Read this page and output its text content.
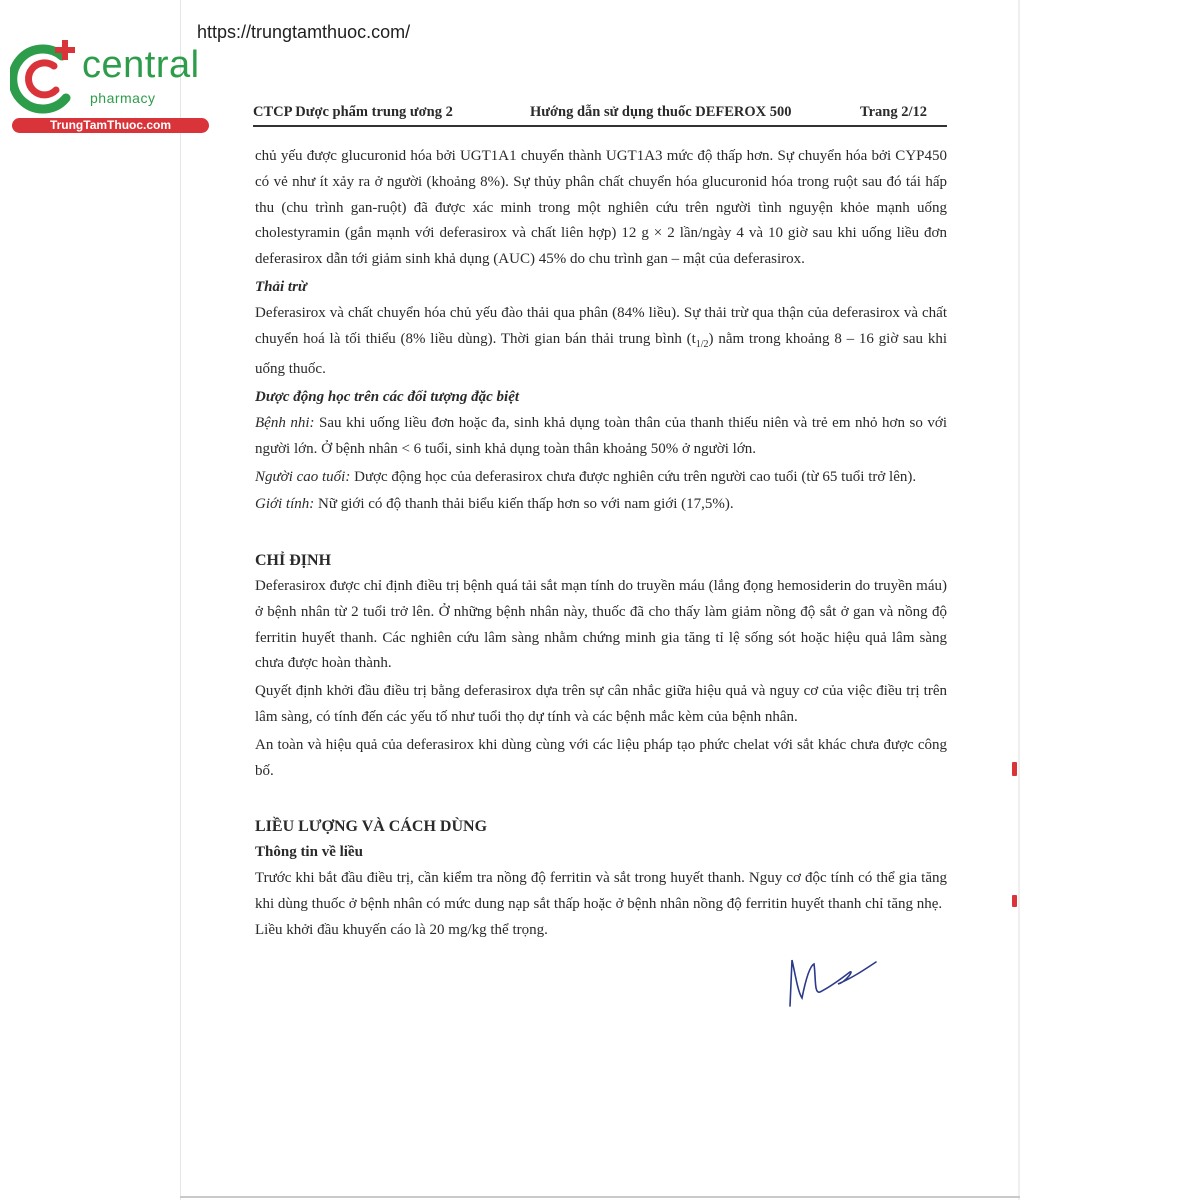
https://trungtamthuoc.com/
central
pharmacy
TrungTamThuoc.com
CTCP Dược phẩm trung ương 2	Hướng dẫn sử dụng thuốc DEFEROX 500	Trang 2/12

chủ yếu được glucuronid hóa bởi UGT1A1 chuyển thành UGT1A3 mức độ thấp hơn. Sự chuyển hóa bởi CYP450 có vẻ như ít xảy ra ở người (khoảng 8%). Sự thủy phân chất chuyển hóa glucuronid hóa trong ruột sau đó tái hấp thu (chu trình gan-ruột) đã được xác minh trong một nghiên cứu trên người tình nguyện khỏe mạnh uống cholestyramin (gắn mạnh với deferasirox và chất liên hợp) 12 g × 2 lần/ngày 4 và 10 giờ sau khi uống liều đơn deferasirox dẫn tới giảm sinh khả dụng (AUC) 45% do chu trình gan – mật của deferasirox.

Thải trừ

Deferasirox và chất chuyển hóa chủ yếu đào thải qua phân (84% liều). Sự thải trừ qua thận của deferasirox và chất chuyển hoá là tối thiểu (8% liều dùng). Thời gian bán thải trung bình $(t_{1/2})$ nằm trong khoảng 8 – 16 giờ sau khi uống thuốc.

Dược động học trên các đối tượng đặc biệt

Bệnh nhi: Sau khi uống liều đơn hoặc đa, sinh khả dụng toàn thân của thanh thiếu niên và trẻ em nhỏ hơn so với người lớn. Ở bệnh nhân < 6 tuổi, sinh khả dụng toàn thân khoảng 50% ở người lớn.

Người cao tuổi: Dược động học của deferasirox chưa được nghiên cứu trên người cao tuổi (từ 65 tuổi trở lên).

Giới tính: Nữ giới có độ thanh thải biểu kiến thấp hơn so với nam giới (17,5%).

CHỈ ĐỊNH

Deferasirox được chỉ định điều trị bệnh quá tải sắt mạn tính do truyền máu (lắng đọng hemosiderin do truyền máu) ở bệnh nhân từ 2 tuổi trở lên. Ở những bệnh nhân này, thuốc đã cho thấy làm giảm nồng độ sắt ở gan và nồng độ ferritin huyết thanh. Các nghiên cứu lâm sàng nhằm chứng minh gia tăng tỉ lệ sống sót hoặc hiệu quả lâm sàng chưa được hoàn thành.

Quyết định khởi đầu điều trị bằng deferasirox dựa trên sự cân nhắc giữa hiệu quả và nguy cơ của việc điều trị trên lâm sàng, có tính đến các yếu tố như tuổi thọ dự tính và các bệnh mắc kèm của bệnh nhân.

An toàn và hiệu quả của deferasirox khi dùng cùng với các liệu pháp tạo phức chelat với sắt khác chưa được công bố.

LIỀU LƯỢNG VÀ CÁCH DÙNG

Thông tin về liều

Trước khi bắt đầu điều trị, cần kiểm tra nồng độ ferritin và sắt trong huyết thanh. Nguy cơ độc tính có thể gia tăng khi dùng thuốc ở bệnh nhân có mức dung nạp sắt thấp hoặc ở bệnh nhân nồng độ ferritin huyết thanh chỉ tăng nhẹ.

Liều khởi đầu khuyến cáo là 20 mg/kg thể trọng.
